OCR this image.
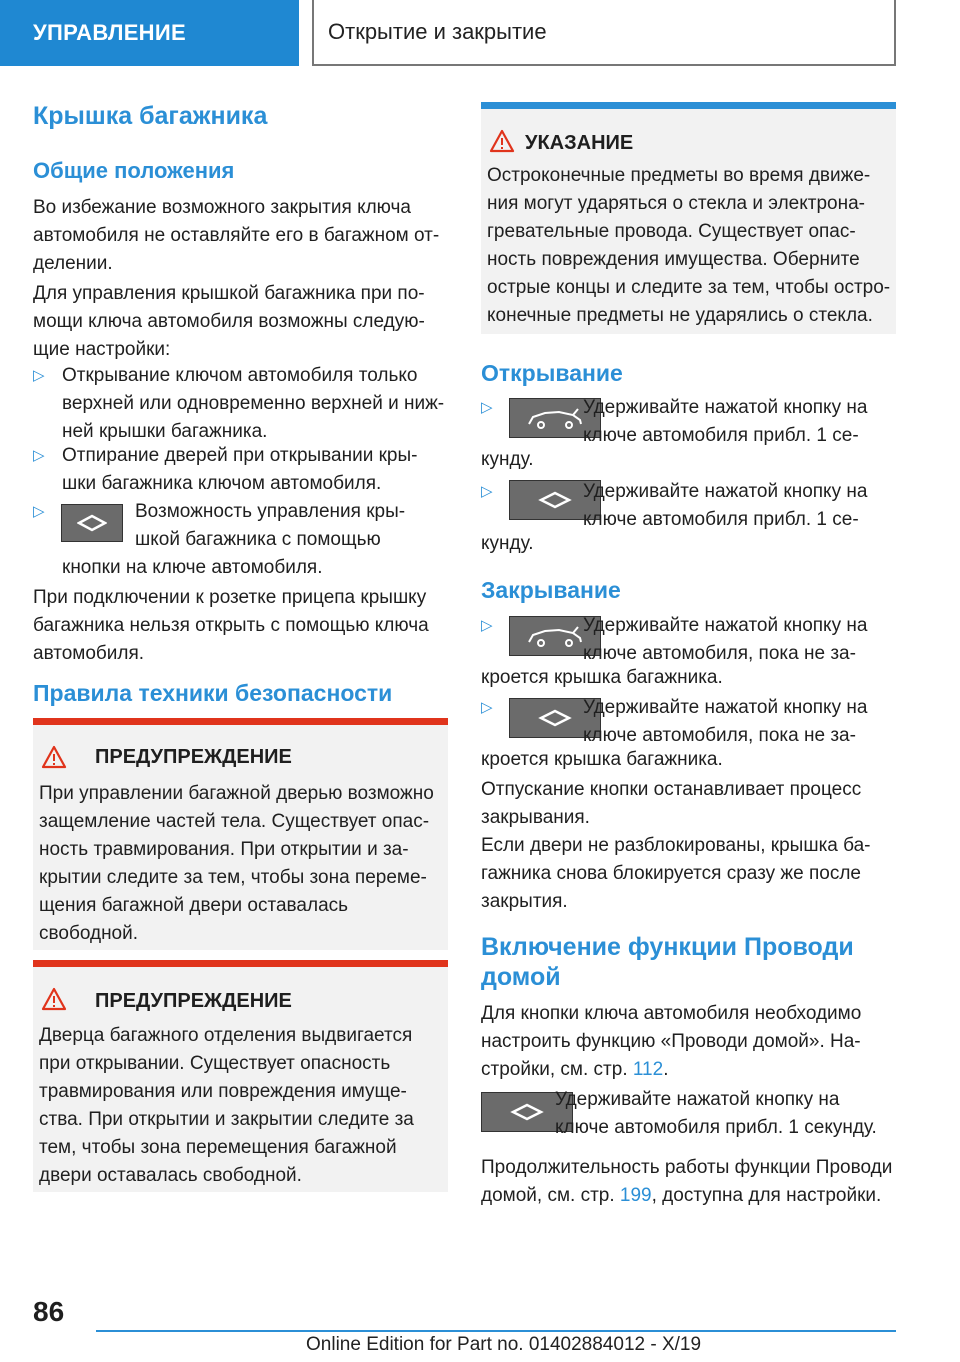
УПРАВЛЕНИЕ	Открытие и закрытие
Крышка багажника
Общие положения

Во избежание возможного закрытия ключа

автомобиля не оставляйте его в багажном от-

делении.

Для управления крышкой багажника при по-

мощи ключа автомобиля возможны следую-

щие настройки:

▷ Открывание ключом автомобиля только

верхней или одновременно верхней и ниж-

ней крышки багажника.

▷ Отпирание дверей при открывании кры-

шки багажника ключом автомобиля.

▷	Возможность управления кры-

шкой багажника с помощью

кнопки на ключе автомобиля.

При подключении к розетке прицепа крышку

багажника нельзя открыть с помощью ключа

автомобиля.

Правила техники безопасности
ПРЕДУПРЕЖДЕНИЕ

При управлении багажной дверью возможно

защемление частей тела. Существует опас-

ность травмирования. При открытии и за-

крытии следите за тем, чтобы зона переме-

щения багажной двери оставалась

свободной.

ПРЕДУПРЕЖДЕНИЕ

Дверца багажного отделения выдвигается

при открывании. Существует опасность

травмирования или повреждения имуще-

ства. При открытии и закрытии следите за

тем, чтобы зона перемещения багажной

двери оставалась свободной.

УКАЗАНИЕ

Остроконечные предметы во время движе-

ния могут ударяться о стекла и электрона-

гревательные провода. Существует опас-

ность повреждения имущества. Оберните

острые концы и следите за тем, чтобы остро-

конечные предметы не ударялись о стекла.

Открывание
▷	Удерживайте нажатой кнопку на

ключе автомобиля прибл. 1 се-

кунду.

▷	Удерживайте нажатой кнопку на

ключе автомобиля прибл. 1 се-

кунду.

Закрывание
▷	Удерживайте нажатой кнопку на

ключе автомобиля, пока не за-

кроется крышка багажника.

▷	Удерживайте нажатой кнопку на

ключе автомобиля, пока не за-

кроется крышка багажника.

Отпускание кнопки останавливает процесс

закрывания.

Если двери не разблокированы, крышка ба-

гажника снова блокируется сразу же после

закрытия.

Включение функции Проводи
домой

Для кнопки ключа автомобиля необходимо

настроить функцию «Проводи домой». На-

стройки, см. стр. 112.

Удерживайте нажатой кнопку на

ключе автомобиля прибл. 1 секунду.

Продолжительность работы функции Проводи

домой, см. стр. 199, доступна для настройки.

86
Online Edition for Part no. 01402884012 - X/19
